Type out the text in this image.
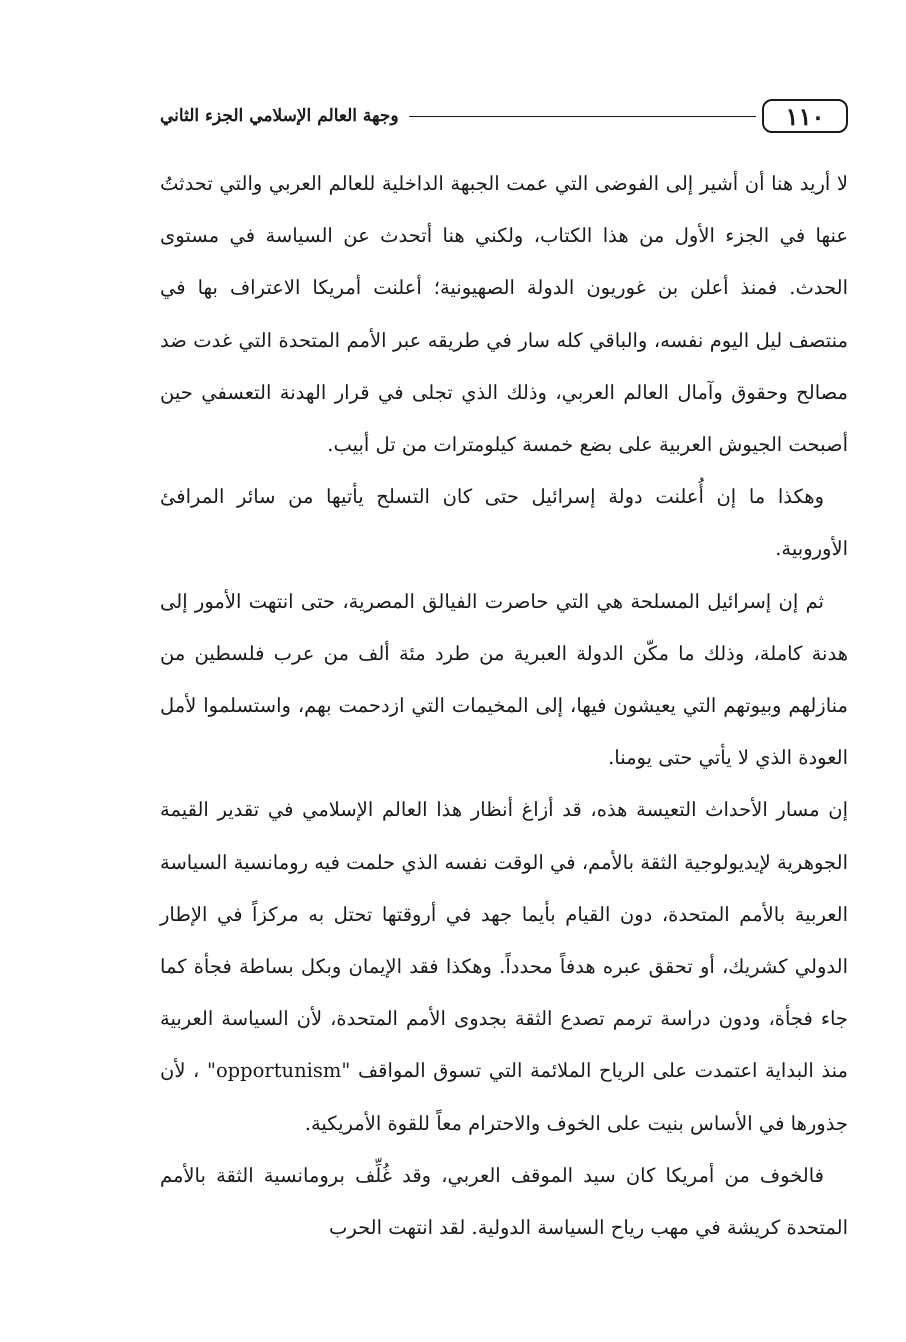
١١٠
وجهة العالم الإسلامي الجزء الثاني

لا أريد هنا أن أشير إلى الفوضى التي عمت الجبهة الداخلية للعالم العربي والتي تحدثتُ عنها في الجزء الأول من هذا الكتاب، ولكني هنا أتحدث عن السياسة في مستوى الحدث. فمنذ أعلن بن غوريون الدولة الصهيونية؛ أعلنت أمريكا الاعتراف بها في منتصف ليل اليوم نفسه، والباقي كله سار في طريقه عبر الأمم المتحدة التي غدت ضد مصالح وحقوق وآمال العالم العربي، وذلك الذي تجلى في قرار الهدنة التعسفي حين أصبحت الجيوش العربية على بضع خمسة كيلومترات من تل أبيب.

وهكذا ما إن أُعلنت دولة إسرائيل حتى كان التسلح يأتيها من سائر المرافئ الأوروبية.

ثم إن إسرائيل المسلحة هي التي حاصرت الفيالق المصرية، حتى انتهت الأمور إلى هدنة كاملة، وذلك ما مكّن الدولة العبرية من طرد مئة ألف من عرب فلسطين من منازلهم وبيوتهم التي يعيشون فيها، إلى المخيمات التي ازدحمت بهم، واستسلموا لأمل العودة الذي لا يأتي حتى يومنا.

إن مسار الأحداث التعيسة هذه، قد أزاغ أنظار هذا العالم الإسلامي في تقدير القيمة الجوهرية لإيديولوجية الثقة بالأمم، في الوقت نفسه الذي حلمت فيه رومانسية السياسة العربية بالأمم المتحدة، دون القيام بأيما جهد في أروقتها تحتل به مركزاً في الإطار الدولي كشريك، أو تحقق عبره هدفاً محدداً. وهكذا فقد الإيمان وبكل بساطة فجأة كما جاء فجأة، ودون دراسة ترمم تصدع الثقة بجدوى الأمم المتحدة، لأن السياسة العربية منذ البداية اعتمدت على الرياح الملائمة التي تسوق المواقف "opportunism" ، لأن جذورها في الأساس بنيت على الخوف والاحترام معاً للقوة الأمريكية.

فالخوف من أمريكا كان سيد الموقف العربي، وقد غُلِّف برومانسية الثقة بالأمم المتحدة كريشة في مهب رياح السياسة الدولية. لقد انتهت الحرب
